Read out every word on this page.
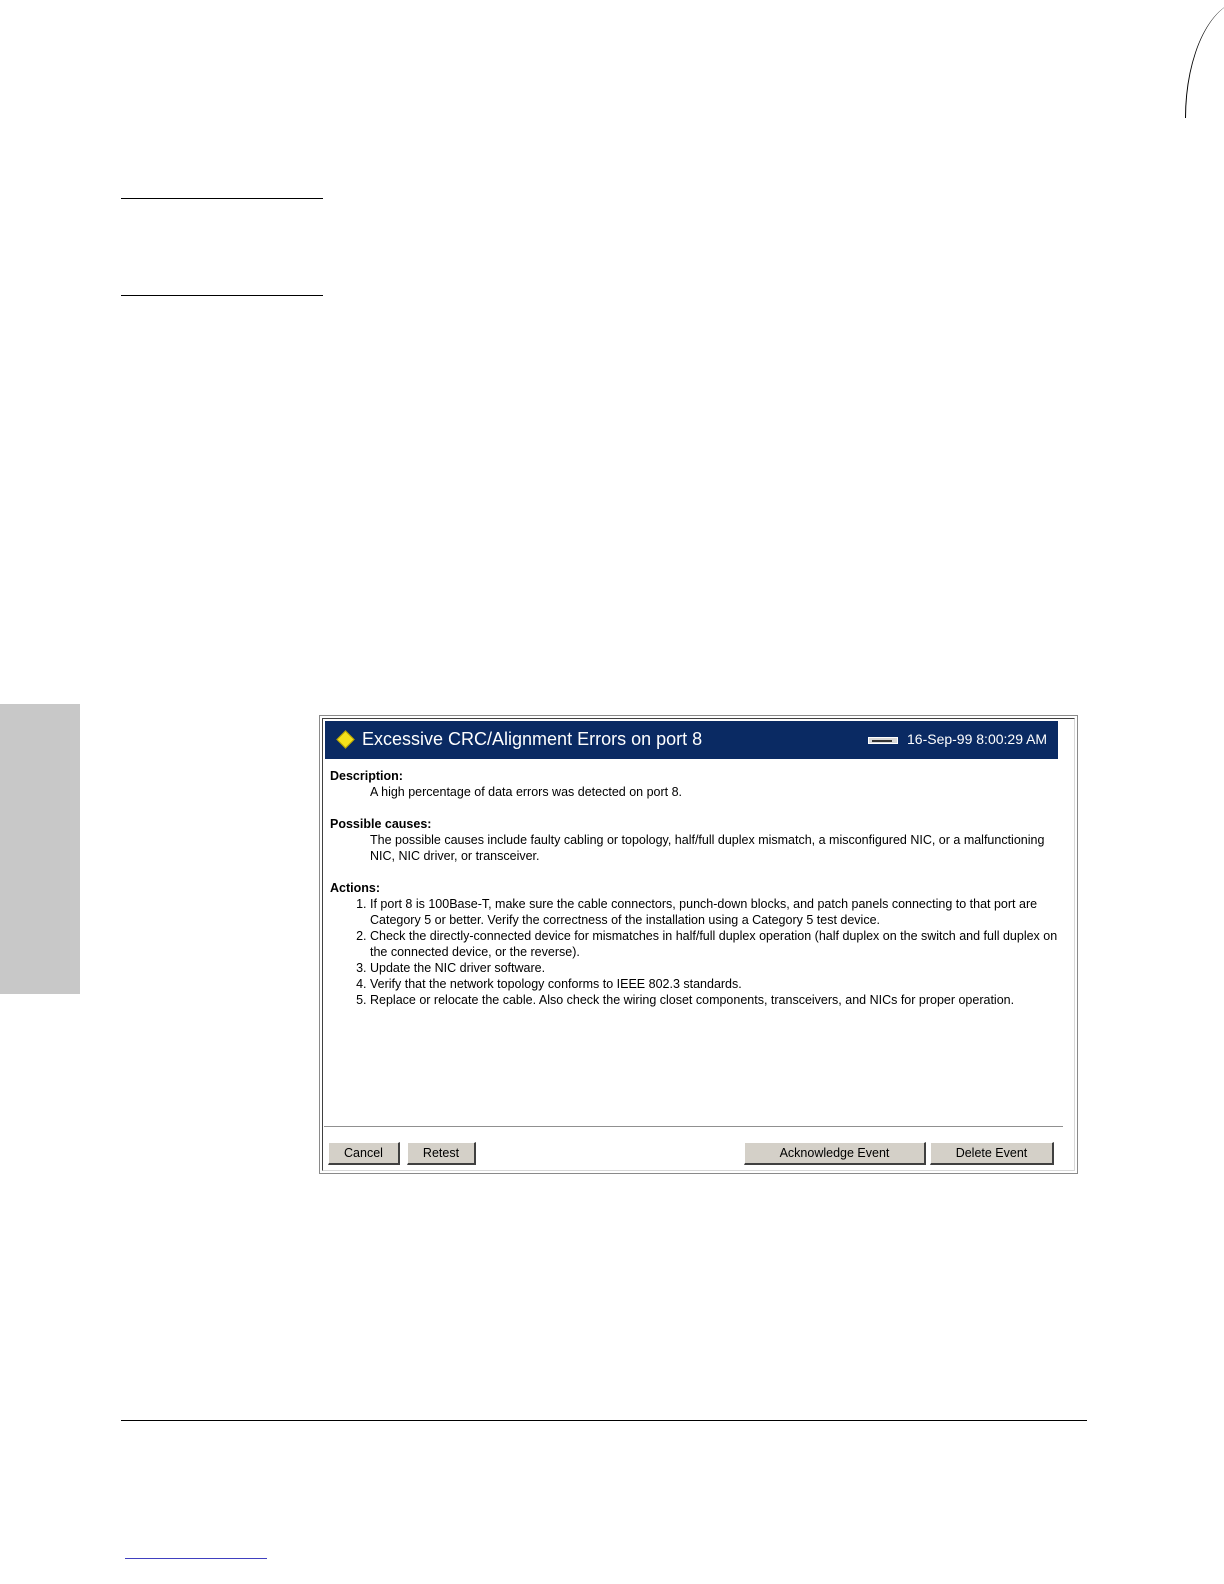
Excessive CRC/Alignment Errors on port 8	16-Sep-99 8:00:29 AM

Description:

A high percentage of data errors was detected on port 8.

Possible causes:

The possible causes include faulty cabling or topology, half/full duplex mismatch, a misconfigured NIC, or a malfunctioning NIC, NIC driver, or transceiver.

Actions:

1. If port 8 is 100Base-T, make sure the cable connectors, punch-down blocks, and patch panels connecting to that port are Category 5 or better. Verify the correctness of the installation using a Category 5 test device.
2. Check the directly-connected device for mismatches in half/full duplex operation (half duplex on the switch and full duplex on the connected device, or the reverse).
3. Update the NIC driver software.
4. Verify that the network topology conforms to IEEE 802.3 standards.
5. Replace or relocate the cable. Also check the wiring closet components, transceivers, and NICs for proper operation.
Cancel	Retest	Acknowledge Event	Delete Event
